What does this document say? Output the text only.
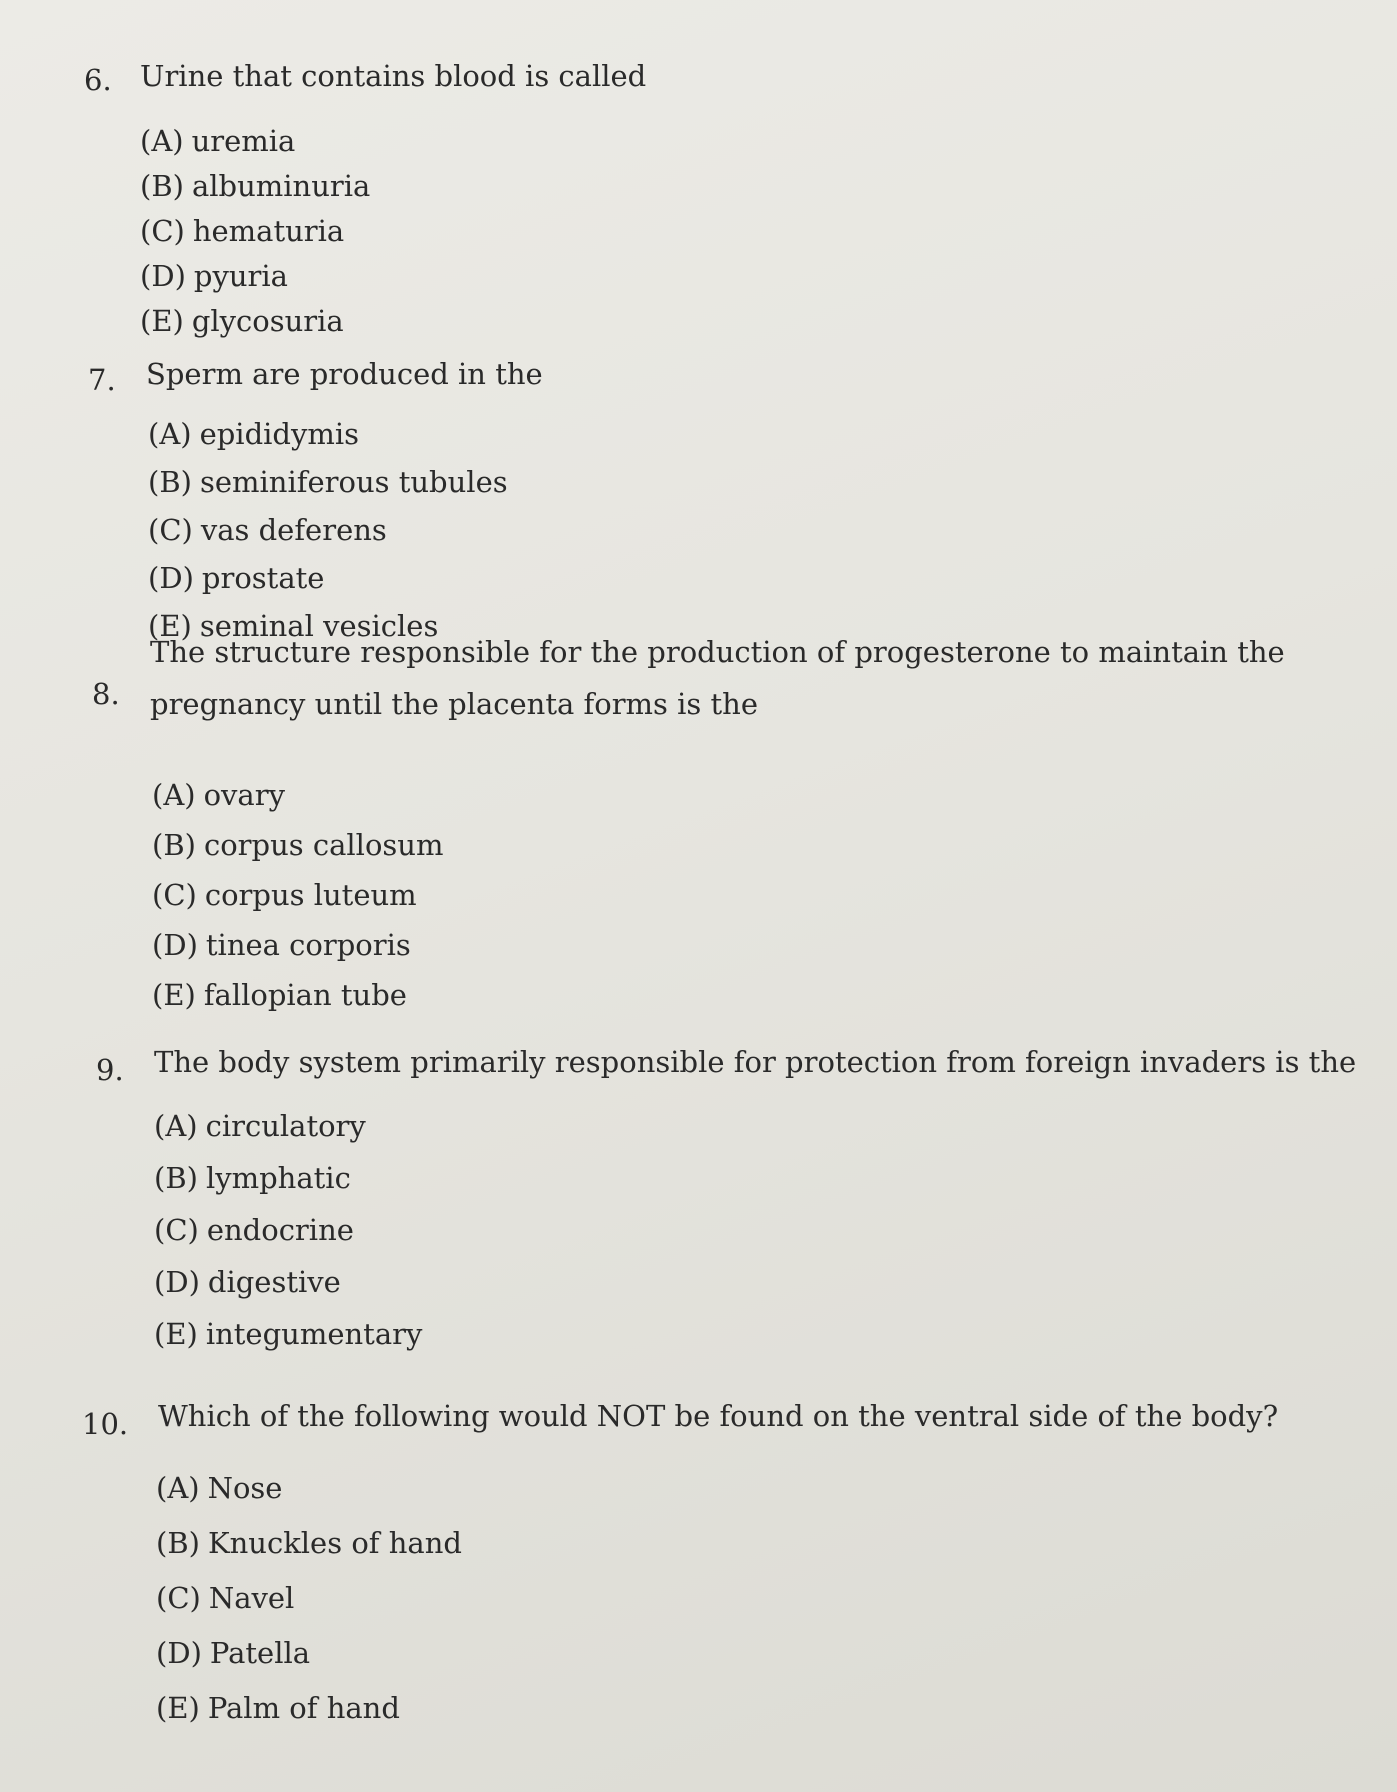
6. Urine that contains blood is called
(A) uremia
(B) albuminuria
(C) hematuria
(D) pyuria
(E) glycosuria
7. Sperm are produced in the
(A) epididymis
(B) seminiferous tubules
(C) vas deferens
(D) prostate
(E) seminal vesicles
8.
The structure responsible for the production of progesterone to maintain the pregnancy until the placenta forms is the
(A) ovary
(B) corpus callosum
(C) corpus luteum
(D) tinea corporis
(E) fallopian tube
9. The body system primarily responsible for protection from foreign invaders is the
(A) circulatory
(B) lymphatic
(C) endocrine
(D) digestive
(E) integumentary
10. Which of the following would NOT be found on the ventral side of the body?
(A) Nose
(B) Knuckles of hand
(C) Navel
(D) Patella
(E) Palm of hand
